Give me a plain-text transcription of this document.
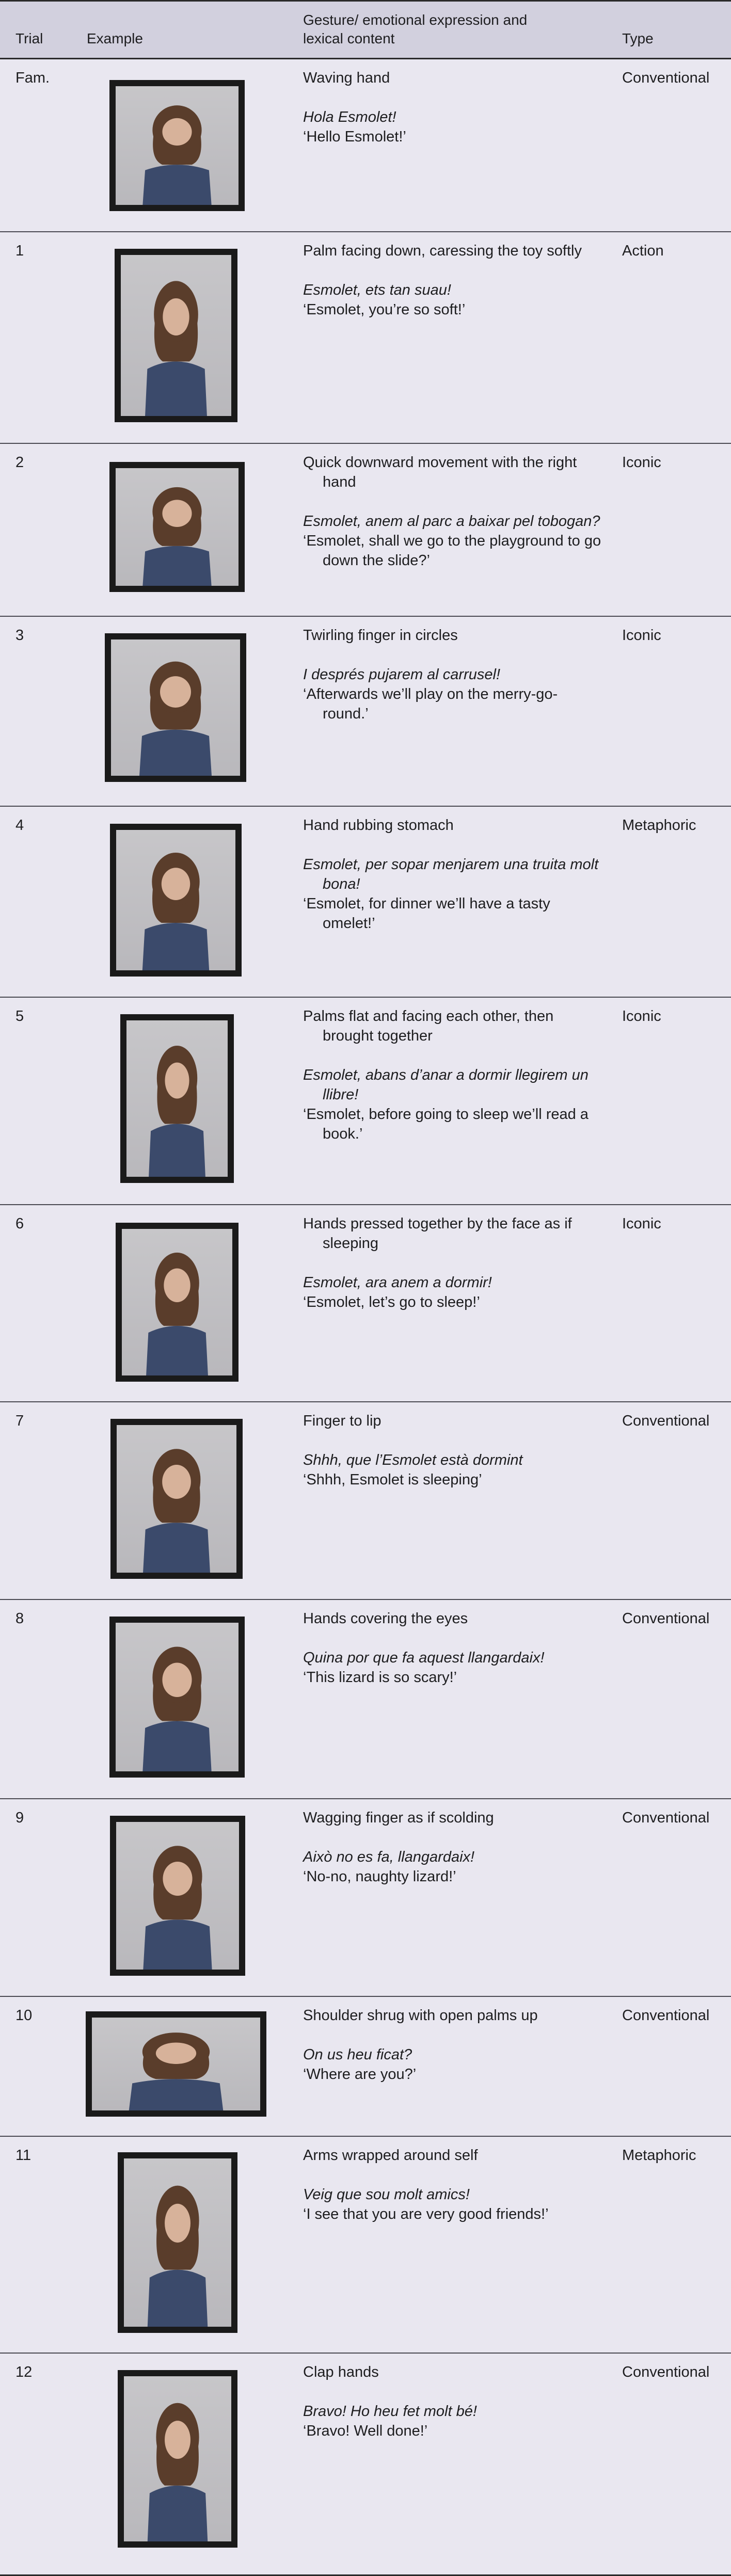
Trial	Example
Gesture/ emotional expression and
lexical content	Type
Fam.	Waving hand

Hola Esmolet!

‘Hello Esmolet!’

Conventional
1	Palm facing down, caressing the toy softly

Esmolet, ets tan suau!

‘Esmolet, you’re so soft!’

Action
2	Quick downward movement with the right hand

Esmolet, anem al parc a baixar pel tobogan?

‘Esmolet, shall we go to the playground to go down the slide?’

Iconic
3	Twirling finger in circles

I després pujarem al carrusel!

‘Afterwards we’ll play on the merry-go-round.’

Iconic
4	Hand rubbing stomach

Esmolet, per sopar menjarem una truita molt bona!

‘Esmolet, for dinner we’ll have a tasty omelet!’

Metaphoric
5	Palms flat and facing each other, then brought together

Esmolet, abans d’anar a dormir llegirem un llibre!

‘Esmolet, before going to sleep we’ll read a book.’

Iconic
6	Hands pressed together by the face as if sleeping

Esmolet, ara anem a dormir!

‘Esmolet, let’s go to sleep!’

Iconic
7	Finger to lip

Shhh, que l’Esmolet està dormint

‘Shhh, Esmolet is sleeping’

Conventional
8	Hands covering the eyes

Quina por que fa aquest llangardaix!

‘This lizard is so scary!’

Conventional
9	Wagging finger as if scolding

Això no es fa, llangardaix!

‘No-no, naughty lizard!’

Conventional
10	Shoulder shrug with open palms up

On us heu ficat?

‘Where are you?’

Conventional
11	Arms wrapped around self

Veig que sou molt amics!

‘I see that you are very good friends!’

Metaphoric
12	Clap hands

Bravo! Ho heu fet molt bé!

‘Bravo! Well done!’

Conventional
